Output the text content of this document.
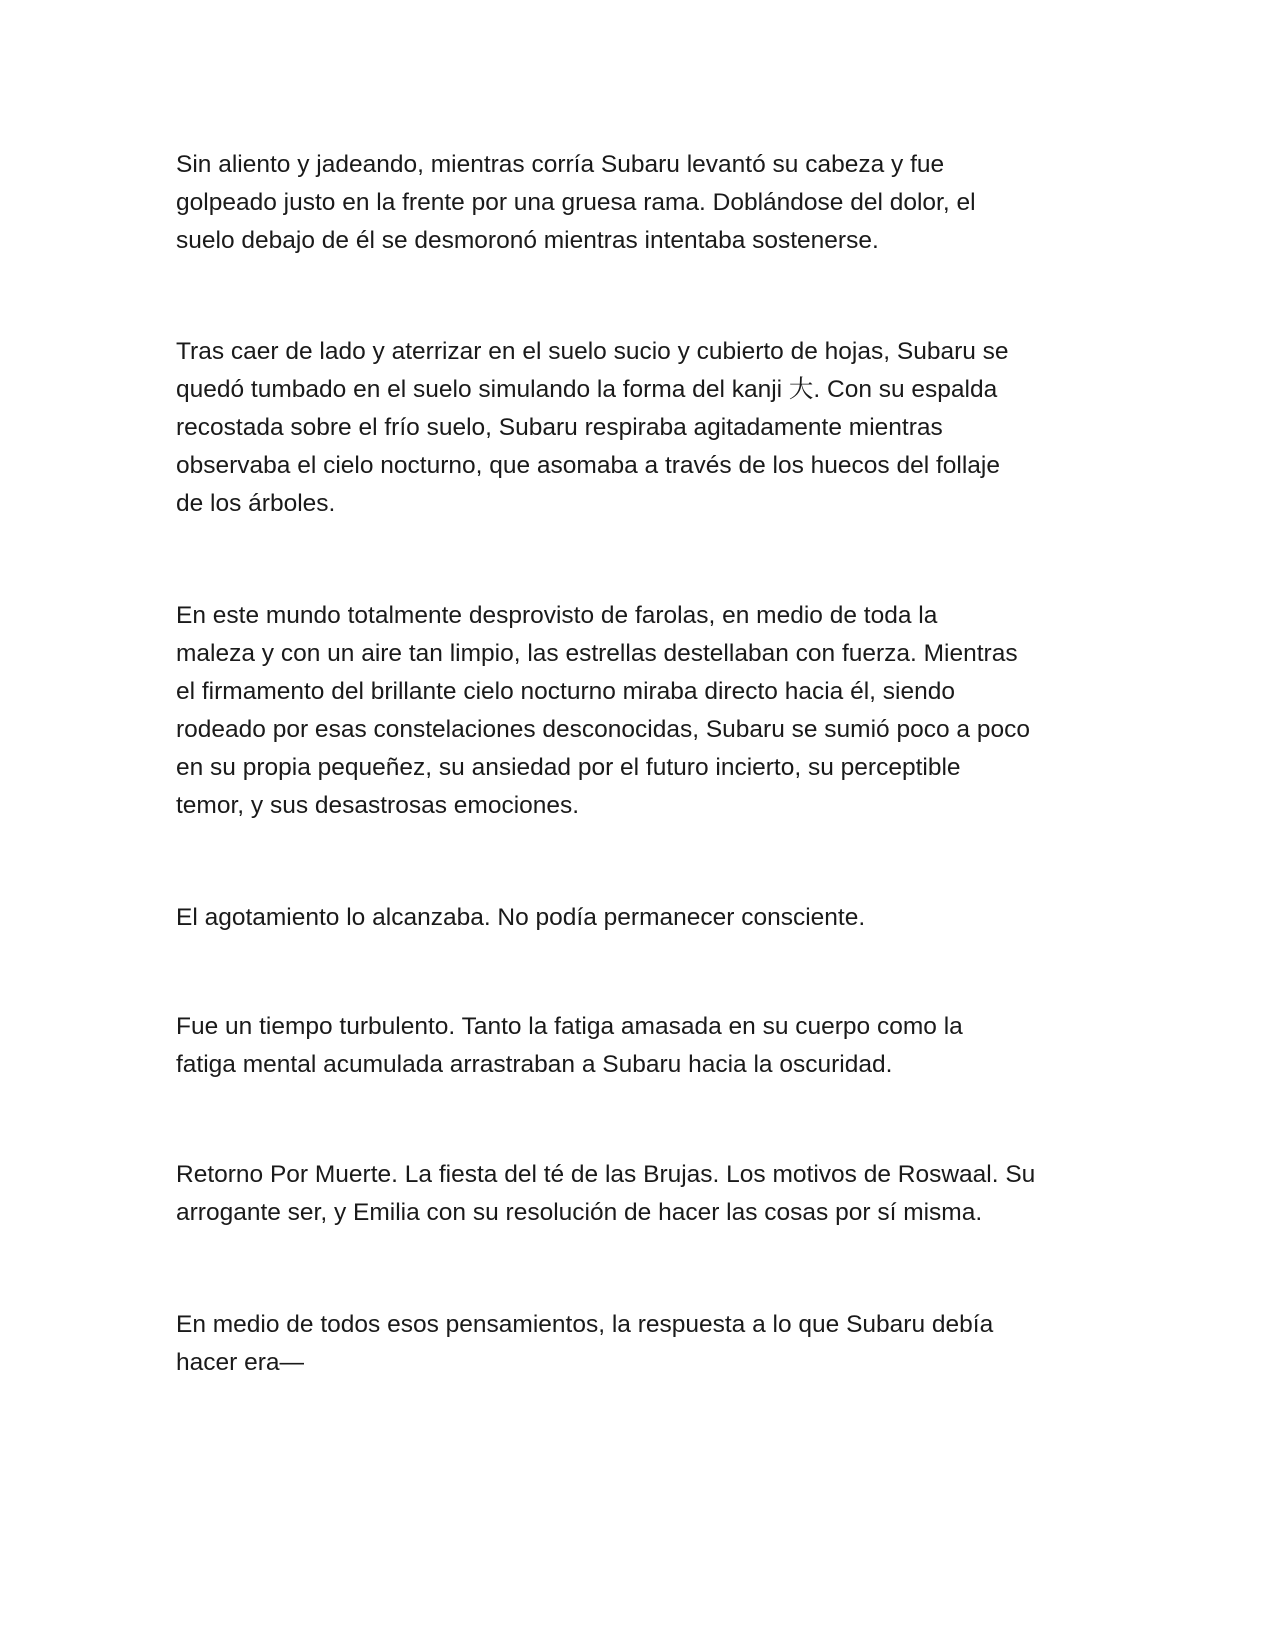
Sin aliento y jadeando, mientras corría Subaru levantó su cabeza y fue
golpeado justo en la frente por una gruesa rama. Doblándose del dolor, el
suelo debajo de él se desmoronó mientras intentaba sostenerse.

Tras caer de lado y aterrizar en el suelo sucio y cubierto de hojas, Subaru se
quedó tumbado en el suelo simulando la forma del kanji 大. Con su espalda
recostada sobre el frío suelo, Subaru respiraba agitadamente mientras
observaba el cielo nocturno, que asomaba a través de los huecos del follaje
de los árboles.

En este mundo totalmente desprovisto de farolas, en medio de toda la
maleza y con un aire tan limpio, las estrellas destellaban con fuerza. Mientras
el firmamento del brillante cielo nocturno miraba directo hacia él, siendo
rodeado por esas constelaciones desconocidas, Subaru se sumió poco a poco
en su propia pequeñez, su ansiedad por el futuro incierto, su perceptible
temor, y sus desastrosas emociones.

El agotamiento lo alcanzaba. No podía permanecer consciente.

Fue un tiempo turbulento. Tanto la fatiga amasada en su cuerpo como la
fatiga mental acumulada arrastraban a Subaru hacia la oscuridad.

Retorno Por Muerte. La fiesta del té de las Brujas. Los motivos de Roswaal. Su
arrogante ser, y Emilia con su resolución de hacer las cosas por sí misma.

En medio de todos esos pensamientos, la respuesta a lo que Subaru debía
hacer era—
